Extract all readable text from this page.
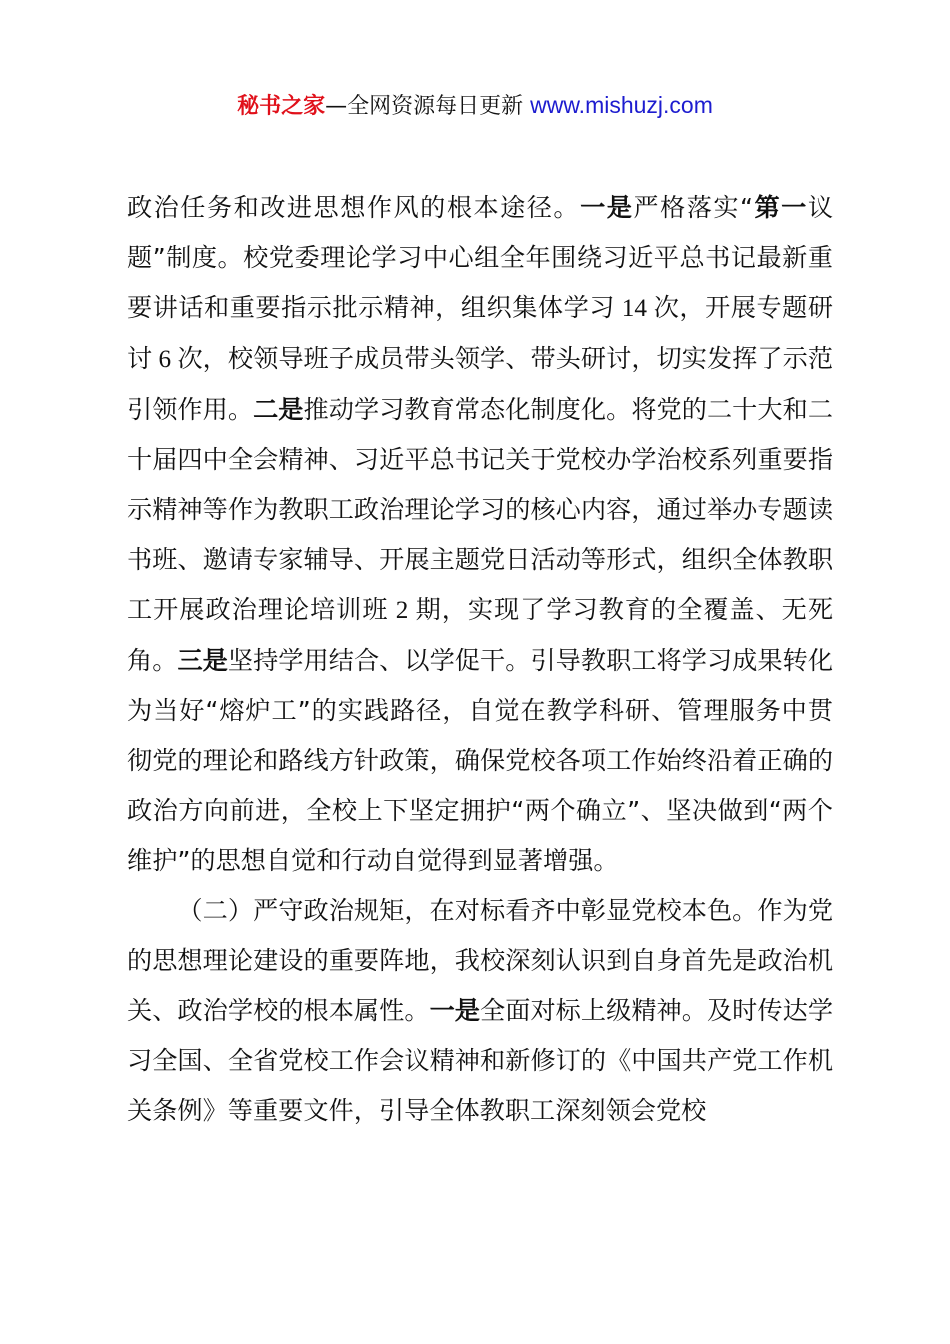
秘书之家—全网资源每日更新 www.mishuzj.com

政治任务和改进思想作风的根本途径。一是严格落实“第一议题”制度。校党委理论学习中心组全年围绕习近平总书记最新重要讲话和重要指示批示精神，组织集体学习 14 次，开展专题研讨 6 次，校领导班子成员带头领学、带头研讨，切实发挥了示范引领作用。二是推动学习教育常态化制度化。将党的二十大和二十届四中全会精神、习近平总书记关于党校办学治校系列重要指示精神等作为教职工政治理论学习的核心内容，通过举办专题读书班、邀请专家辅导、开展主题党日活动等形式，组织全体教职工开展政治理论培训班 2 期，实现了学习教育的全覆盖、无死角。三是坚持学用结合、以学促干。引导教职工将学习成果转化为当好“熔炉工”的实践路径，自觉在教学科研、管理服务中贯彻党的理论和路线方针政策，确保党校各项工作始终沿着正确的政治方向前进，全校上下坚定拥护“两个确立”、坚决做到“两个维护”的思想自觉和行动自觉得到显著增强。

（二）严守政治规矩，在对标看齐中彰显党校本色。作为党的思想理论建设的重要阵地，我校深刻认识到自身首先是政治机关、政治学校的根本属性。一是全面对标上级精神。及时传达学习全国、全省党校工作会议精神和新修订的《中国共产党工作机关条例》等重要文件，引导全体教职工深刻领会党校
